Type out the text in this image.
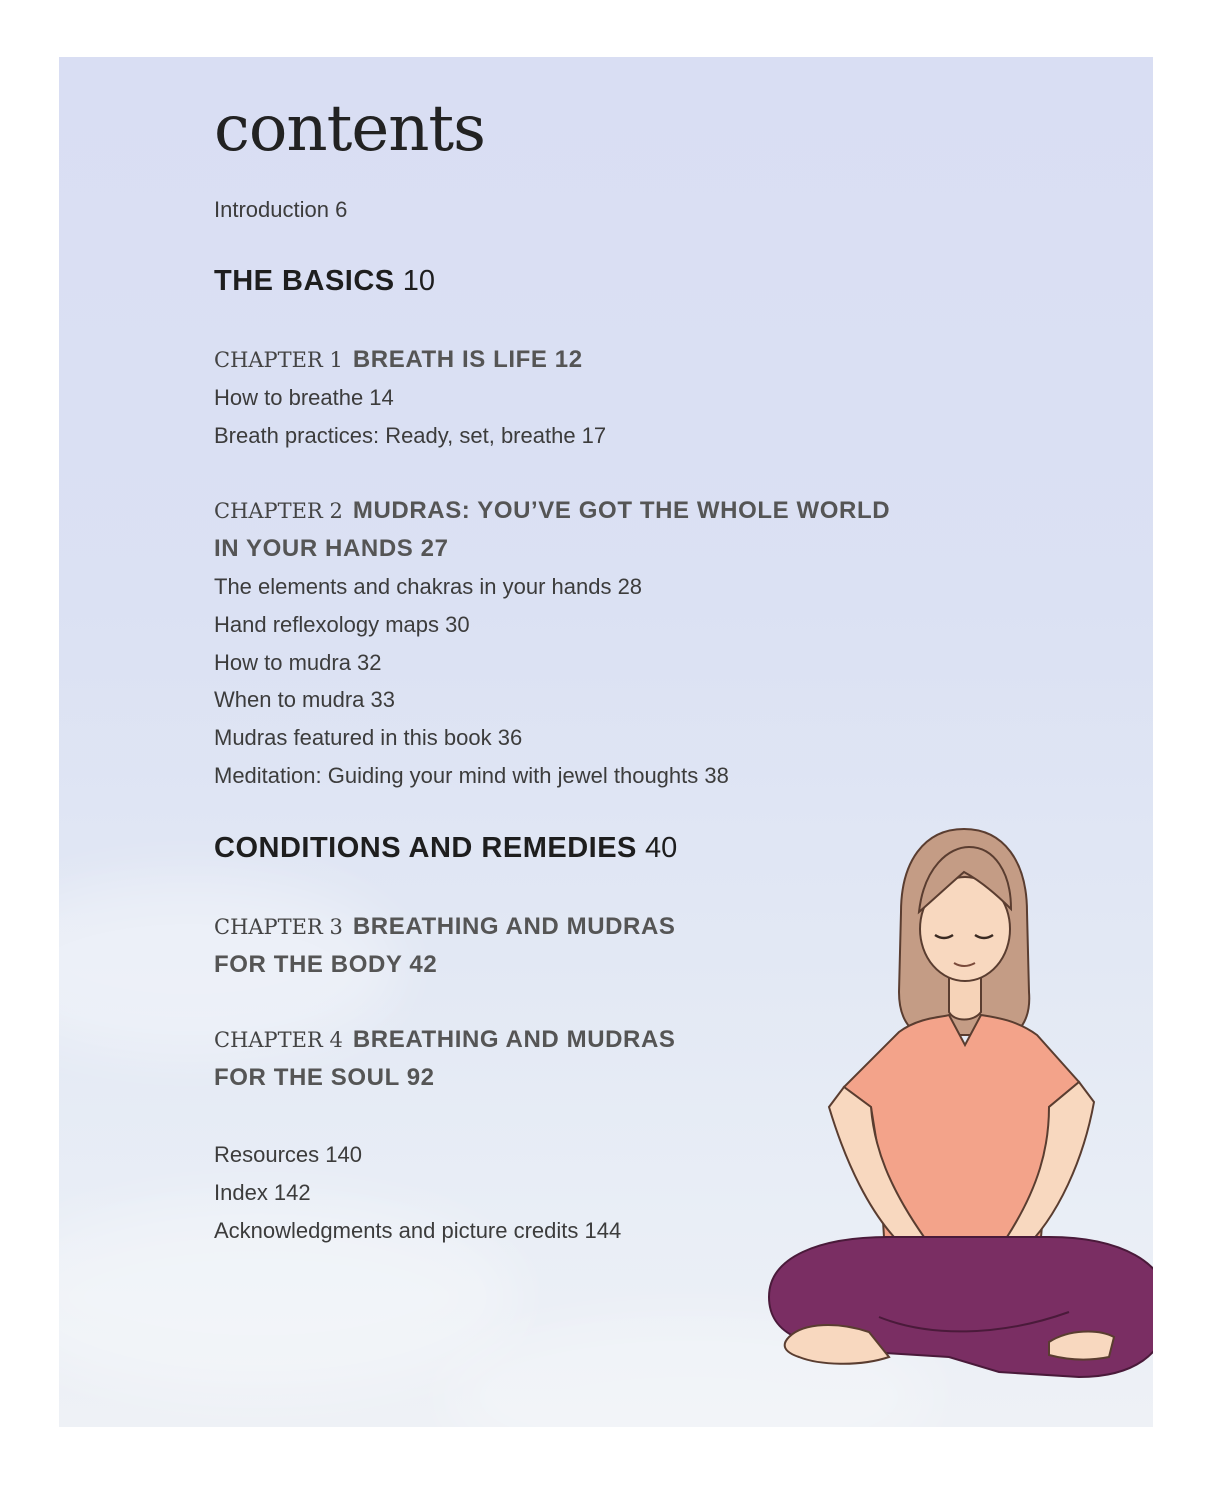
contents
Introduction 6
THE BASICS 10
CHAPTER 1 BREATH IS LIFE 12
How to breathe 14
Breath practices: Ready, set, breathe 17
CHAPTER 2 MUDRAS: YOU’VE GOT THE WHOLE WORLD
IN YOUR HANDS 27
The elements and chakras in your hands 28
Hand reflexology maps 30
How to mudra 32
When to mudra 33
Mudras featured in this book 36
Meditation: Guiding your mind with jewel thoughts 38
CONDITIONS AND REMEDIES 40
CHAPTER 3 BREATHING AND MUDRAS
FOR THE BODY 42
CHAPTER 4 BREATHING AND MUDRAS
FOR THE SOUL 92
Resources 140
Index 142
Acknowledgments and picture credits 144
